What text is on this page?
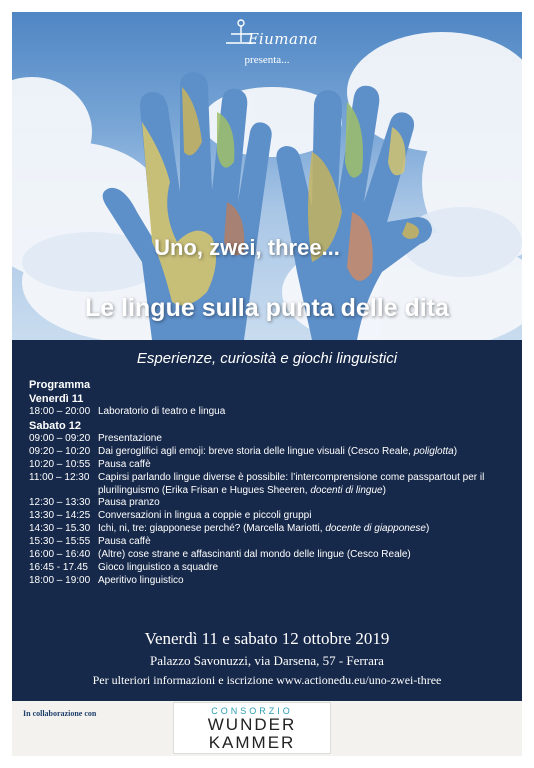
Fiumana
presenta...
Uno, zwei, three...
Le lingue sulla punta delle dita
Esperienze, curiosità e giochi linguistici
Programma
Venerdì 11
18:00 – 20:00 Laboratorio di teatro e lingua
Sabato 12
09:00 – 09:20 Presentazione
09:20 – 10:20 Dai geroglifici agli emoji: breve storia delle lingue visuali (Cesco Reale, poliglotta)
10:20 – 10:55 Pausa caffè
11:00 – 12:30 Capirsi parlando lingue diverse è possibile: l’intercomprensione come passpartout per il plurilinguismo (Erika Frisan e Hugues Sheeren, docenti di lingue)
12:30 – 13:30 Pausa pranzo
13:30 – 14:25 Conversazioni in lingua a coppie e piccoli gruppi
14:30 – 15.30 Ichi, ni, tre: giapponese perché? (Marcella Mariotti, docente di giapponese)
15:30 – 15:55 Pausa caffè
16:00 – 16:40 (Altre) cose strane e affascinanti dal mondo delle lingue (Cesco Reale)
16:45 - 17.45	Gioco linguistico a squadre
18:00 – 19:00 Aperitivo linguistico
Venerdì 11 e sabato 12 ottobre 2019
Palazzo Savonuzzi, via Darsena, 57 - Ferrara
Per ulteriori informazioni e iscrizione www.actionedu.eu/uno-zwei-three
In collaborazione con	CONSORZIO
WUNDER
KAMMER
